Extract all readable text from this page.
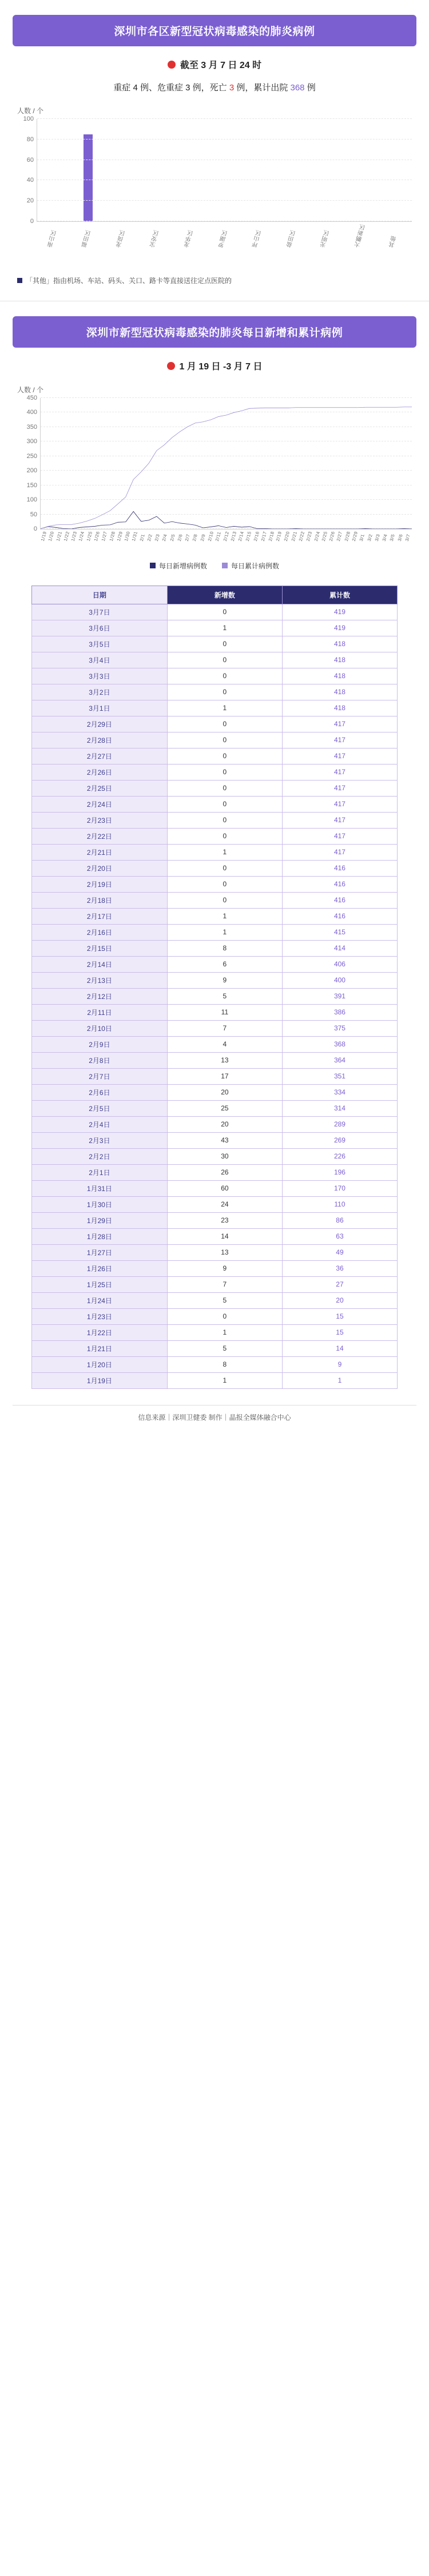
深圳市各区新型冠状病毒感染的肺炎病例
截至 3 月 7 日 24 时
重症 4 例、危重症 3 例，死亡 3 例，累计出院 368 例
人数 / 个
0
20
40
60
80
100
南山区	福田区	龙岗区	宝安区	龙华区	罗湖区	坪山区	盐田区	光明区	大鹏新区	其他
「其他」指由机场、车站、码头、关口、路卡等直接送往定点医院的
深圳市新型冠状病毒感染的肺炎每日新增和累计病例
1 月 19 日 -3 月 7 日
人数 / 个
0
50
100
150
200
250
300
350
400
450
1/19 1/20 1/21 1/22 1/23 1/24 1/25 1/26 1/27 1/28 1/29 1/30 1/31 2/1 2/2 2/3 2/4 2/5 2/6 2/7 2/8 2/9 2/10 2/11 2/12 2/13 2/14 2/15 2/16 2/17 2/18 2/19 2/20 2/21 2/22 2/23 2/24 2/25 2/26 2/27 2/28 2/29 3/1 3/2 3/3 3/4 3/5 3/6 3/7
每日新增病例数	每日累计病例数
日期	新增数	累计数
3月7日	0	419
3月6日	1	419
3月5日	0	418
3月4日	0	418
3月3日	0	418
3月2日	0	418
3月1日	1	418
2月29日	0	417
2月28日	0	417
2月27日	0	417
2月26日	0	417
2月25日	0	417
2月24日	0	417
2月23日	0	417
2月22日	0	417
2月21日	1	417
2月20日	0	416
2月19日	0	416
2月18日	0	416
2月17日	1	416
2月16日	1	415
2月15日	8	414
2月14日	6	406
2月13日	9	400
2月12日	5	391
2月11日	11	386
2月10日	7	375
2月9日	4	368
2月8日	13	364
2月7日	17	351
2月6日	20	334
2月5日	25	314
2月4日	20	289
2月3日	43	269
2月2日	30	226
2月1日	26	196
1月31日	60	170
1月30日	24	110
1月29日	23	86
1月28日	14	63
1月27日	13	49
1月26日	9	36
1月25日	7	27
1月24日	5	20
1月23日	0	15
1月22日	1	15
1月21日	5	14
1月20日	8	9
1月19日	1	1
信息来源｜深圳卫健委 制作｜晶报全媒体融合中心
